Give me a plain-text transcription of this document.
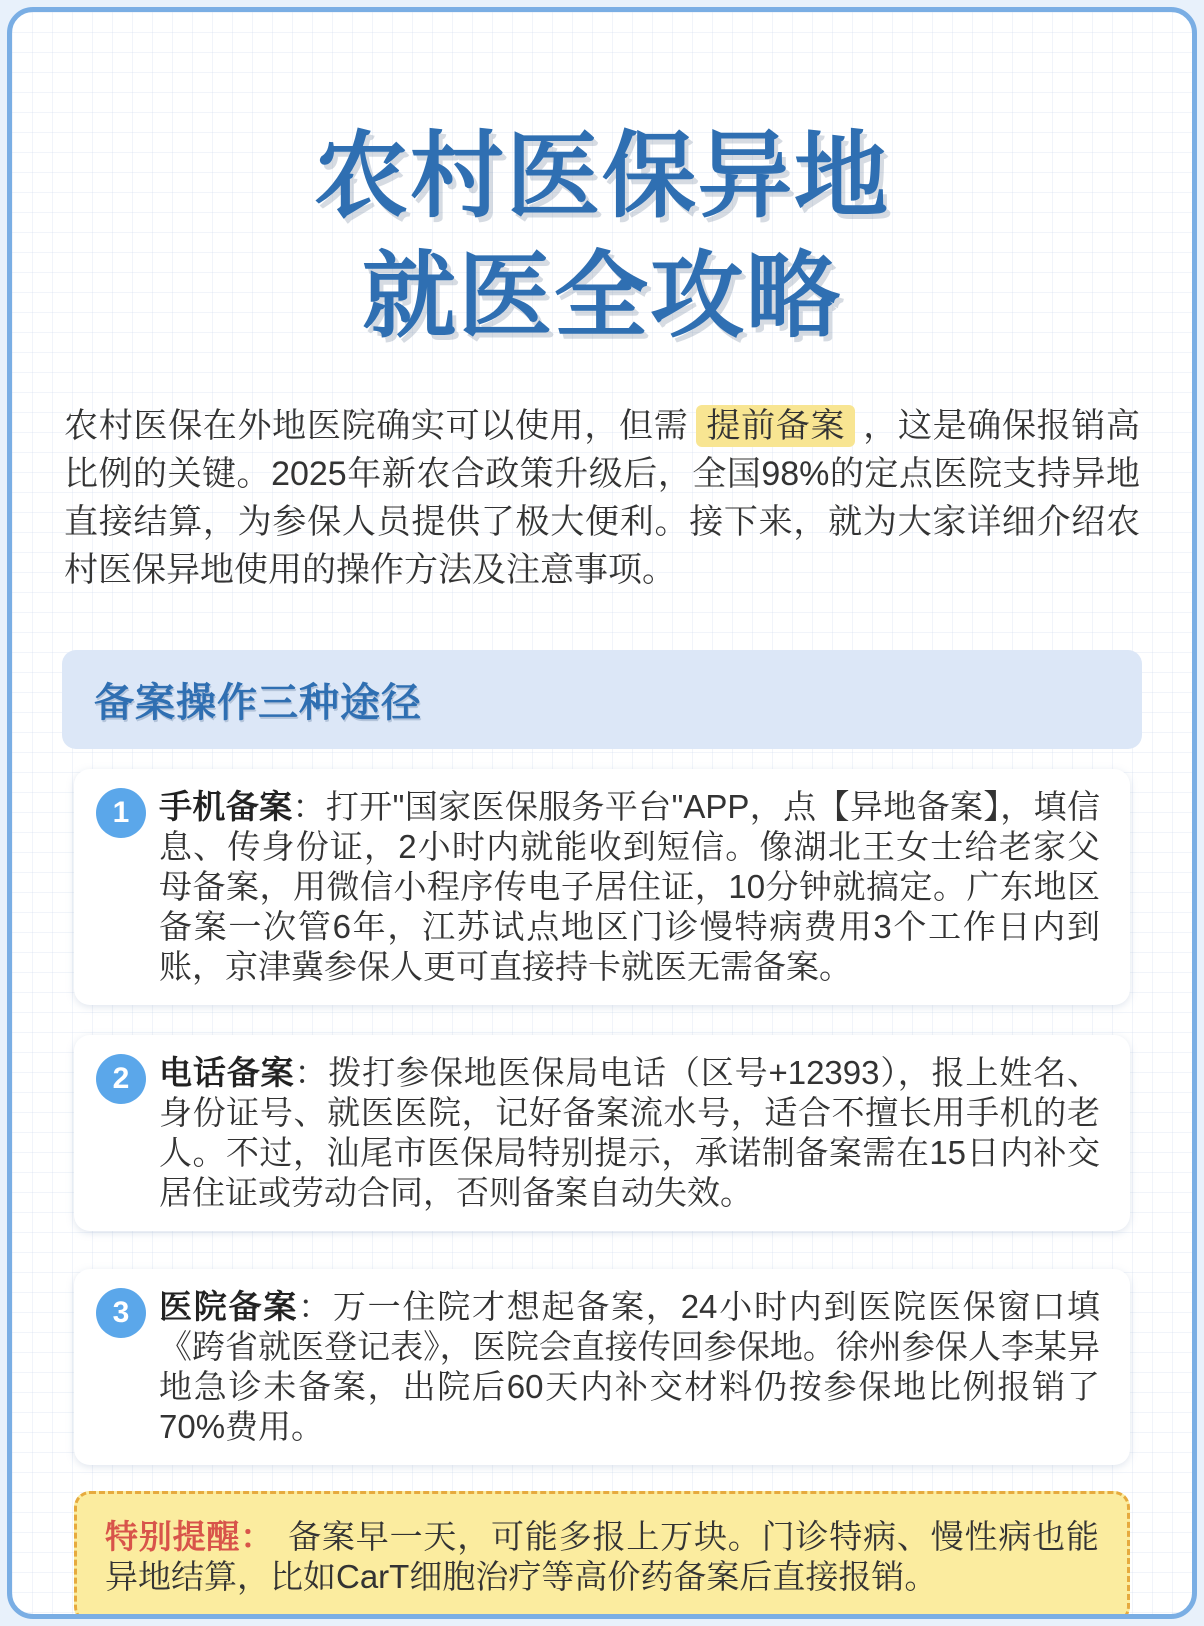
农村医保异地
就医全攻略

农村医保在外地医院确实可以使用，但需 提前备案 ，这是确保报销高比例的关键。2025年新农合政策升级后，全国98%的定点医院支持异地直接结算，为参保人员提供了极大便利。接下来，就为大家详细介绍农村医保异地使用的操作方法及注意事项。

备案操作三种途径
1 手机备案：打开"国家医保服务平台"APP，点【异地备案】，填信息、传身份证，2小时内就能收到短信。像湖北王女士给老家父母备案，用微信小程序传电子居住证，10分钟就搞定。广东地区备案一次管6年，江苏试点地区门诊慢特病费用3个工作日内到账，京津冀参保人更可直接持卡就医无需备案。

2 电话备案：拨打参保地医保局电话（区号+12393），报上姓名、身份证号、就医医院，记好备案流水号，适合不擅长用手机的老人。不过，汕尾市医保局特别提示，承诺制备案需在15日内补交居住证或劳动合同，否则备案自动失效。

3 医院备案：万一住院才想起备案，24小时内到医院医保窗口填《跨省就医登记表》，医院会直接传回参保地。徐州参保人李某异地急诊未备案，出院后60天内补交材料仍按参保地比例报销了70%费用。

特别提醒： 备案早一天，可能多报上万块。门诊特病、慢性病也能异地结算，比如CarT细胞治疗等高价药备案后直接报销。
